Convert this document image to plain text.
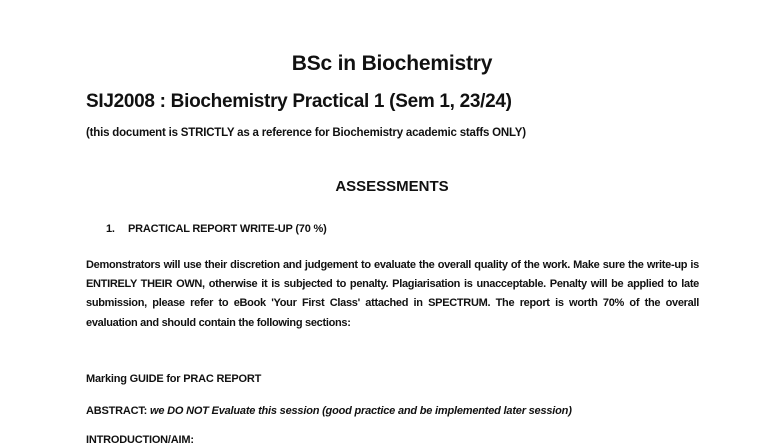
BSc in Biochemistry
SIJ2008 : Biochemistry Practical 1 (Sem 1, 23/24)
(this document is STRICTLY as a reference for Biochemistry academic staffs ONLY)
ASSESSMENTS
1. PRACTICAL REPORT WRITE-UP (70 %)
Demonstrators will use their discretion and judgement to evaluate the overall quality of the work. Make sure the write-up is ENTIRELY THEIR OWN, otherwise it is subjected to penalty. Plagiarisation is unacceptable. Penalty will be applied to late submission, please refer to eBook 'Your First Class' attached in SPECTRUM. The report is worth 70% of the overall evaluation and should contain the following sections:
Marking GUIDE for PRAC REPORT
ABSTRACT: we DO NOT Evaluate this session (good practice and be implemented later session)
INTRODUCTION/AIM:
